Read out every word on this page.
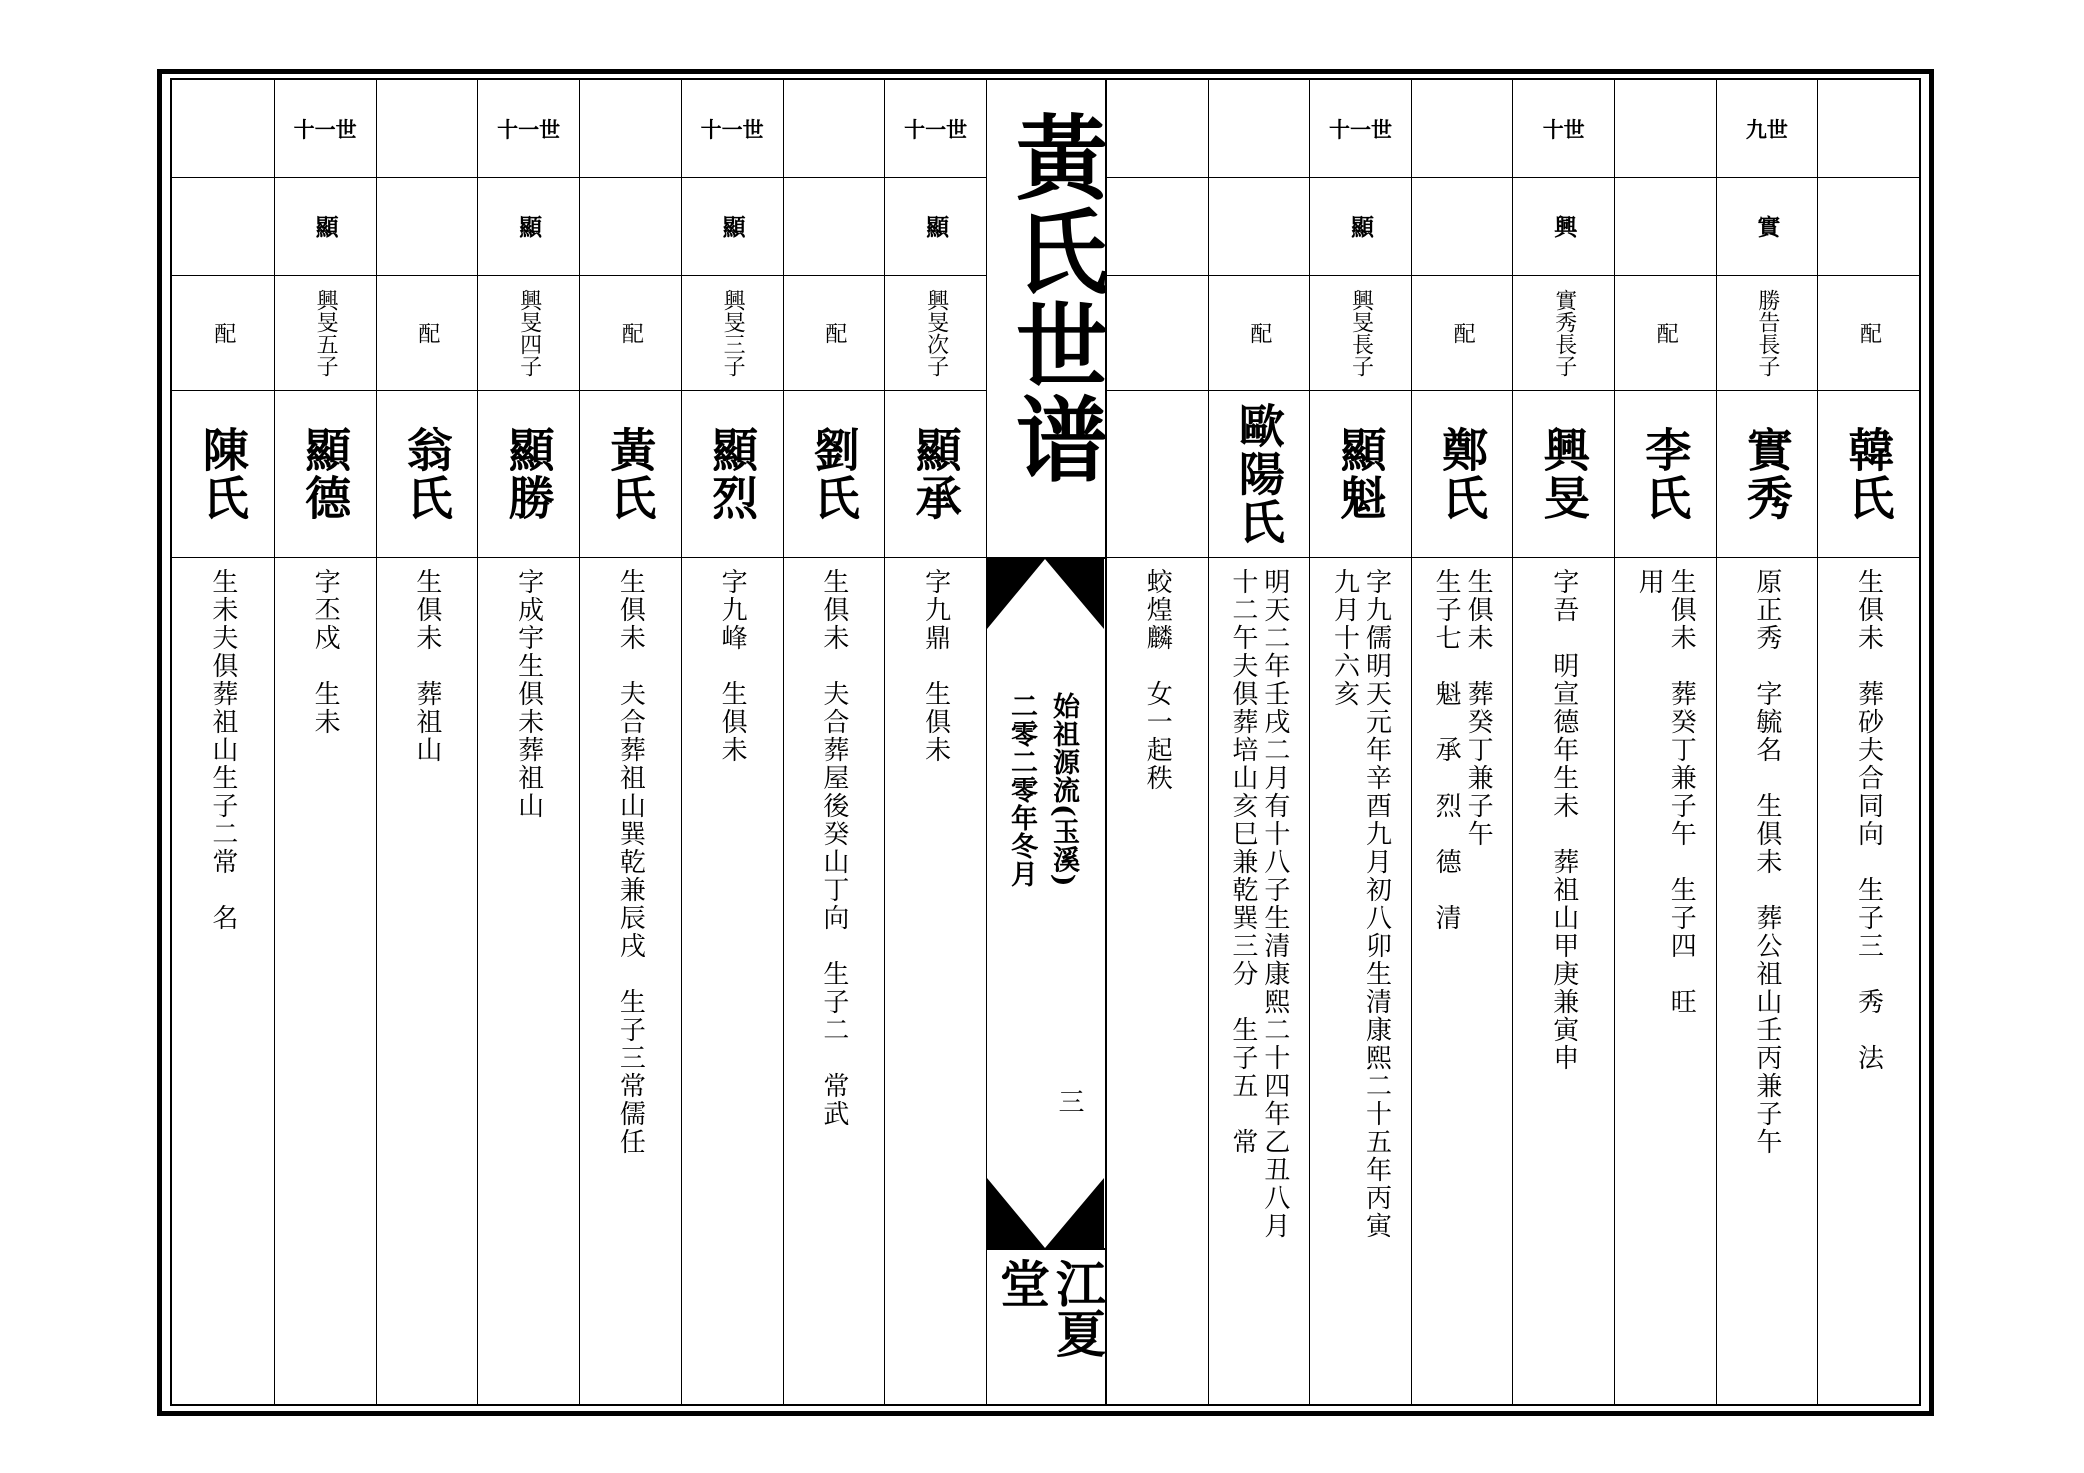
配
陳氏
生未夫俱葬祖山生子二常　名
十一世
顯
興旻五子
顯德
字丕戍　生未
配
翁氏
生俱未　葬祖山
十一世
顯
興旻四子
顯勝
字成宇生俱未葬祖山
配
黃氏
生俱未　夫合葬祖山巽乾兼辰戌　生子三常儒任
十一世
顯
興旻三子
顯烈
字九峰　生俱未
配
劉氏
生俱未　夫合葬屋後癸山丁向　生子二　常武
十一世
顯
興旻次子
顯承
字九鼎　生俱未
黃氏世谱
始祖源流(玉溪)
二零二零年冬月
三
江夏堂
蛟煌麟　女一起秩
配
歐陽氏
明天二年壬戌二月有十八子生清康熙二十四年乙丑八月
十二午夫俱葬培山亥巳兼乾巽三分　生子五　常
十一世
顯
興旻長子
顯魁
字九儒明天元年辛酉九月初八卯生清康熙二十五年丙寅
九月十六亥
配
鄭氏
生俱未　葬癸丁兼子午
生子七　魁　承　烈　德　清
十世
興
實秀長子
興旻
字吾　明宣德年生未　葬祖山甲庚兼寅申
配
李氏
生俱未　葬癸丁兼子午　生子四　旺
用
九世
實
勝告長子
實秀
原正秀　字毓名　生俱未　葬公祖山壬丙兼子午
配
韓氏
生俱未　葬砂夫合同向　生子三　秀　法
